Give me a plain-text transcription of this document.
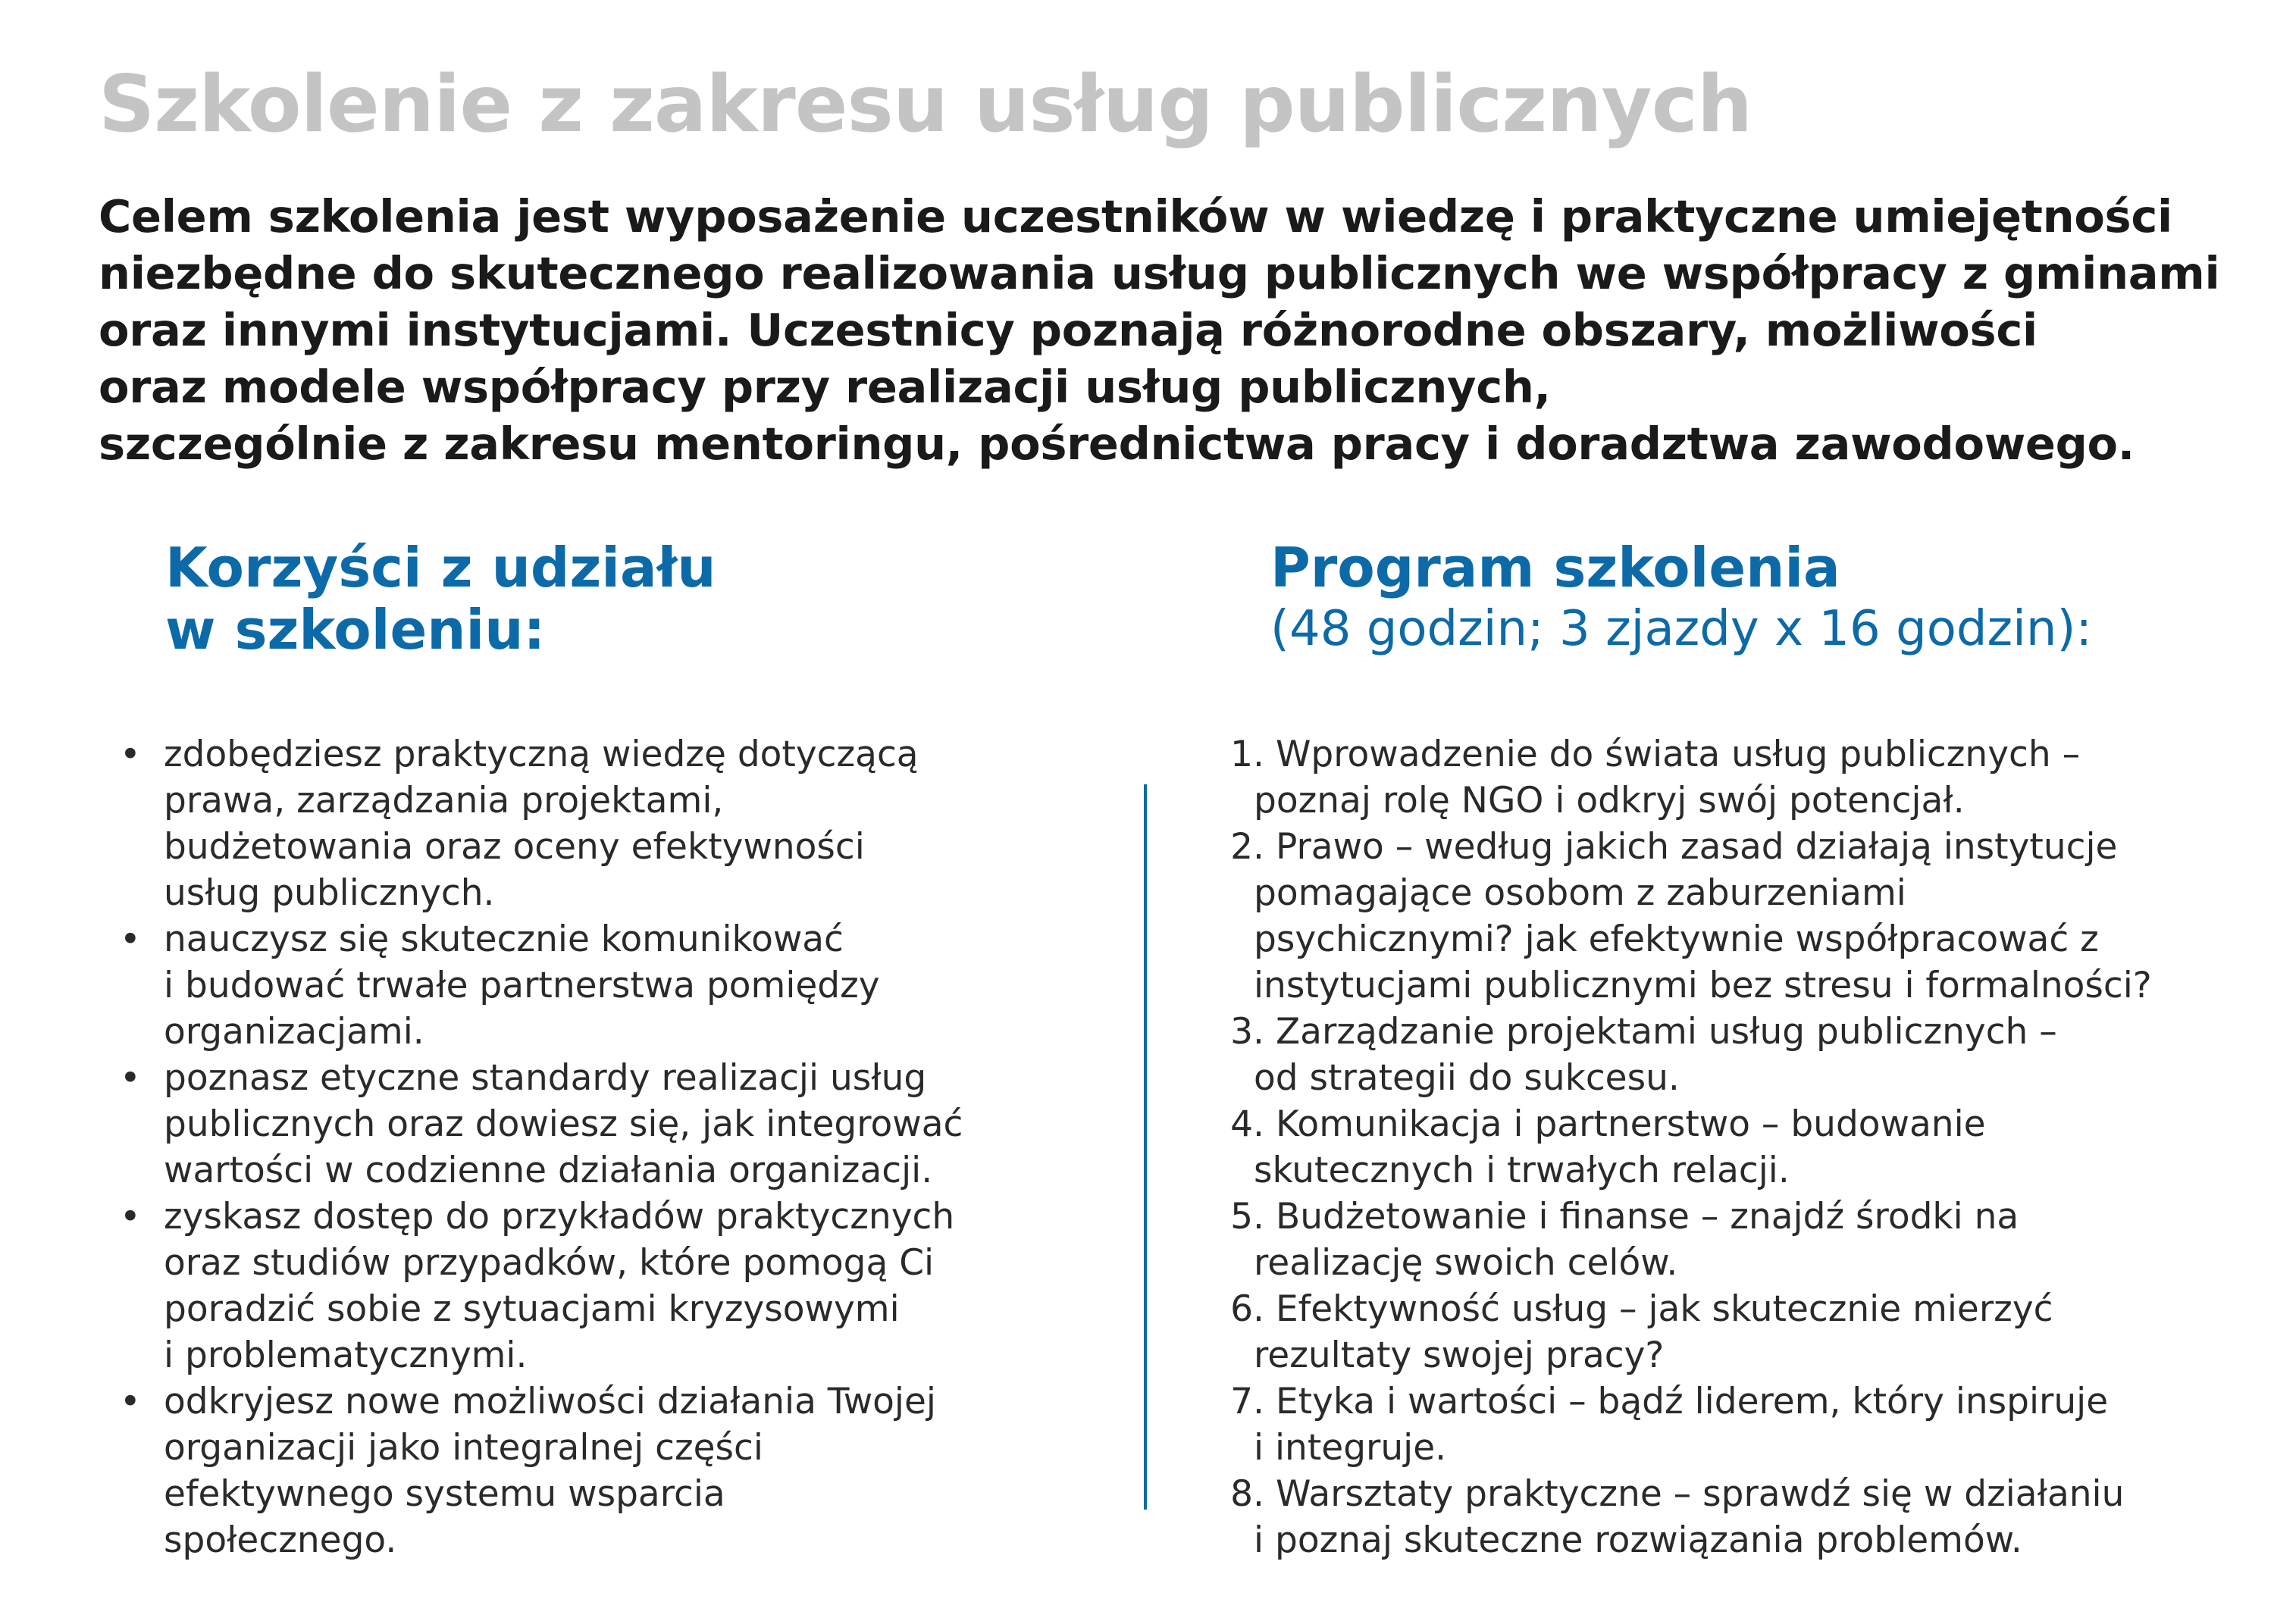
Szkolenie z zakresu usług publicznych

Celem szkolenia jest wyposażenie uczestników w wiedzę i praktyczne umiejętności
niezbędne do skutecznego realizowania usług publicznych we współpracy z gminami
oraz innymi instytucjami. Uczestnicy poznają różnorodne obszary, możliwości
oraz modele współpracy przy realizacji usług publicznych,
szczególnie z zakresu mentoringu, pośrednictwa pracy i doradztwa zawodowego.

Korzyści z udziału
w szkoleniu:
Program szkolenia
(48 godzin; 3 zjazdy x 16 godzin):
• zdobędziesz praktyczną wiedzę dotyczącą
prawa, zarządzania projektami,
budżetowania oraz oceny efektywności
usług publicznych.
• nauczysz się skutecznie komunikować
i budować trwałe partnerstwa pomiędzy
organizacjami.
• poznasz etyczne standardy realizacji usług
publicznych oraz dowiesz się, jak integrować
wartości w codzienne działania organizacji.
• zyskasz dostęp do przykładów praktycznych
oraz studiów przypadków, które pomogą Ci
poradzić sobie z sytuacjami kryzysowymi
i problematycznymi.
• odkryjesz nowe możliwości działania Twojej
organizacji jako integralnej części
efektywnego systemu wsparcia
społecznego.
1. Wprowadzenie do świata usług publicznych –
poznaj rolę NGO i odkryj swój potencjał.
2. Prawo – według jakich zasad działają instytucje
pomagające osobom z zaburzeniami
psychicznymi? jak efektywnie współpracować z
instytucjami publicznymi bez stresu i formalności?
3. Zarządzanie projektami usług publicznych –
od strategii do sukcesu.
4. Komunikacja i partnerstwo – budowanie
skutecznych i trwałych relacji.
5. Budżetowanie i finanse – znajdź środki na
realizację swoich celów.
6. Efektywność usług – jak skutecznie mierzyć
rezultaty swojej pracy?
7. Etyka i wartości – bądź liderem, który inspiruje
i integruje.
8. Warsztaty praktyczne – sprawdź się w działaniu
i poznaj skuteczne rozwiązania problemów.
